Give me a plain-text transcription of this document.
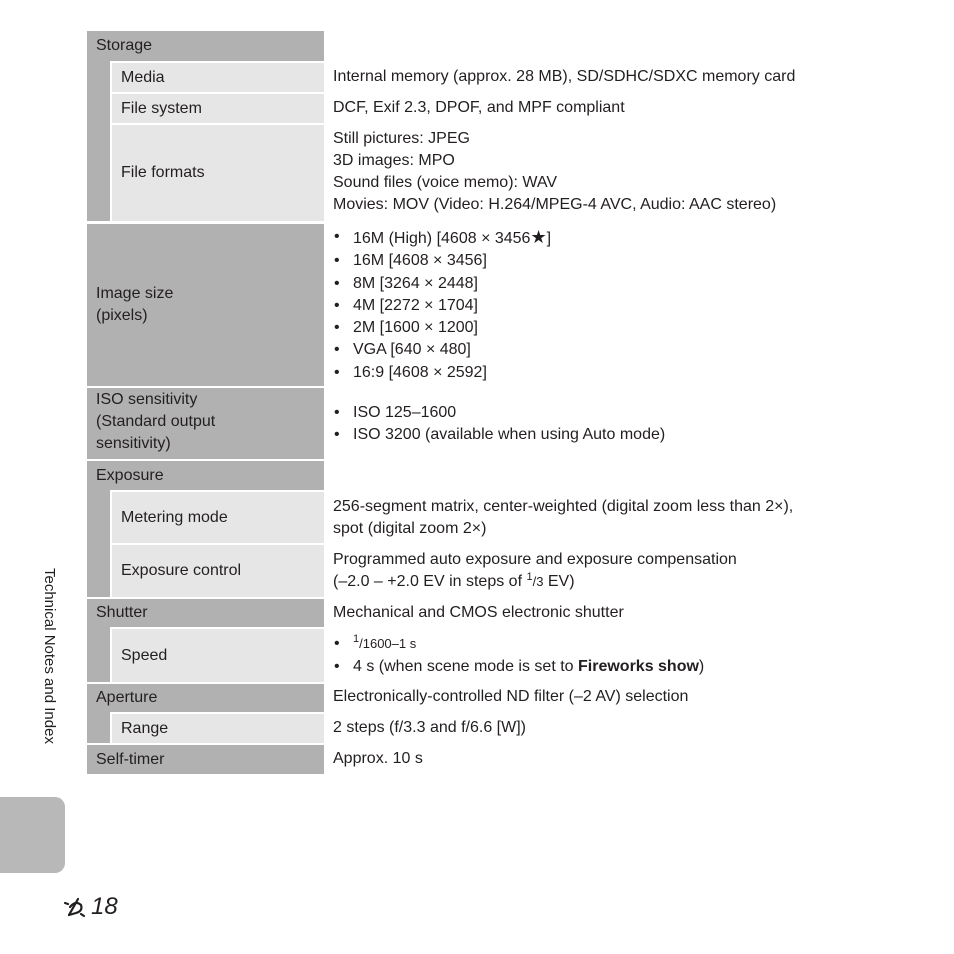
Storage
Media
File system
File formats
Image size
(pixels)
ISO sensitivity
(Standard output
sensitivity)
Exposure
Metering mode
Exposure control
Shutter
Speed
Aperture
Range
Self-timer
Internal memory (approx. 28 MB), SD/SDHC/SDXC memory card
DCF, Exif 2.3, DPOF, and MPF compliant
Still pictures: JPEG
3D images: MPO
Sound files (voice memo): WAV
Movies: MOV (Video: H.264/MPEG-4 AVC, Audio: AAC stereo)
• 16M (High) [4608 × 3456★]
• 16M [4608 × 3456]
• 8M [3264 × 2448]
• 4M [2272 × 1704]
• 2M [1600 × 1200]
• VGA [640 × 480]
• 16:9 [4608 × 2592]
• ISO 125–1600
• ISO 3200 (available when using Auto mode)
256-segment matrix, center-weighted (digital zoom less than 2×),
spot (digital zoom 2×)
Programmed auto exposure and exposure compensation
(–2.0 – +2.0 EV in steps of $^1$/3 EV)
Mechanical and CMOS electronic shutter
• $^1$/1600–1 s
• 4 s (when scene mode is set to Fireworks show)
Electronically-controlled ND filter (–2 AV) selection
2 steps (f/3.3 and f/6.6 [W])
Approx. 10 s
Technical Notes and Index
18
